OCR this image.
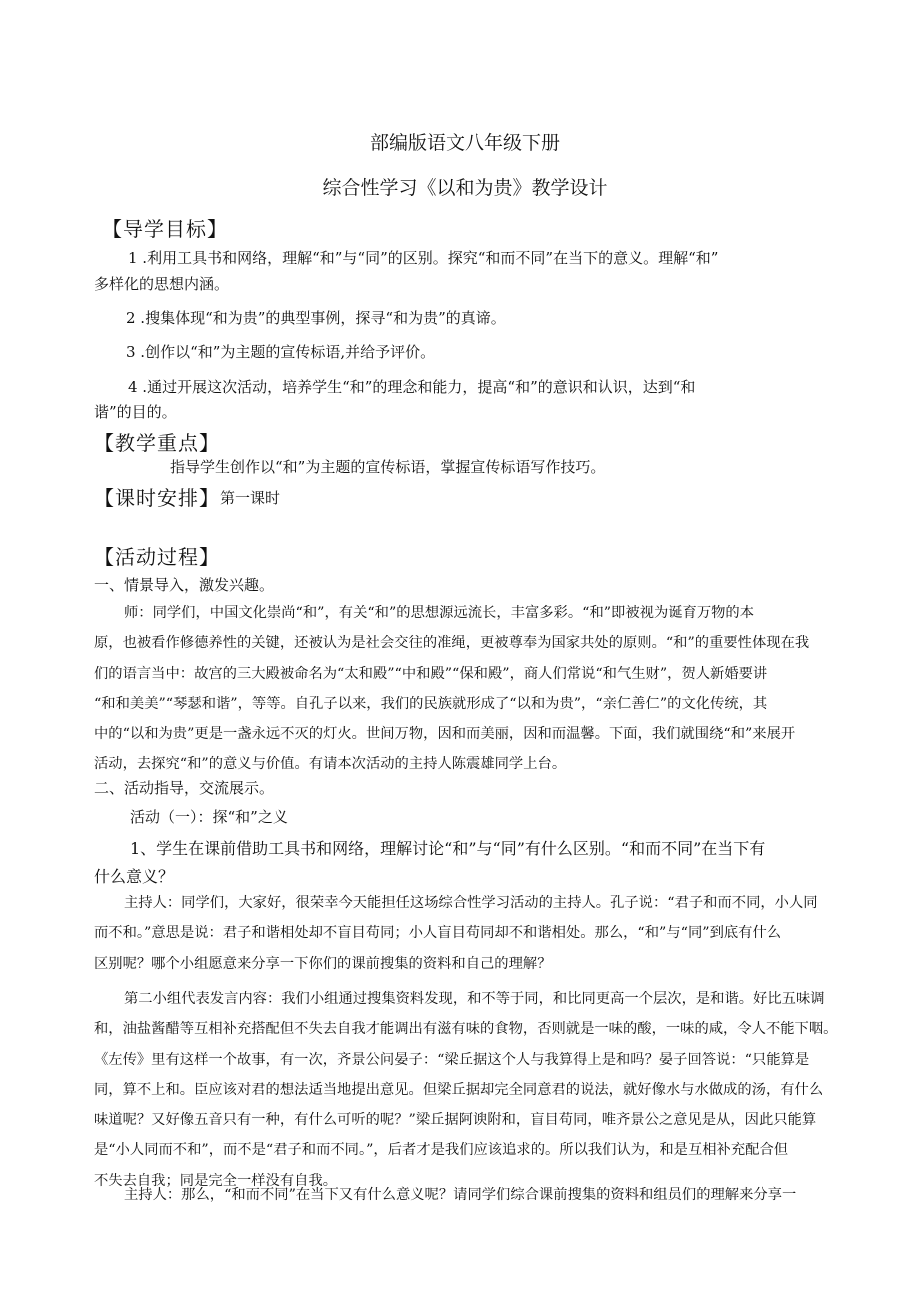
部编版语文八年级下册
综合性学习《以和为贵》教学设计
【导学目标】
1 .利用工具书和网络，理解“和”与“同”的区别。探究“和而不同”在当下的意义。理解“和”
多样化的思想内涵。
2 .搜集体现“和为贵”的典型事例，探寻“和为贵”的真谛。
3 .创作以“和”为主题的宣传标语,并给予评价。
4 .通过开展这次活动，培养学生“和”的理念和能力，提高“和”的意识和认识，达到“和
谐”的目的。
【教学重点】
指导学生创作以“和”为主题的宣传标语，掌握宣传标语写作技巧。
【课时安排】 第一课时
【活动过程】
一、情景导入，激发兴趣。
师：同学们，中国文化崇尚“和”，有关“和”的思想源远流长，丰富多彩。“和”即被视为诞育万物的本
原，也被看作修德养性的关键，还被认为是社会交往的准绳，更被尊奉为国家共处的原则。“和”的重要性体现在我
们的语言当中：故宫的三大殿被命名为“太和殿”“中和殿”“保和殿”，商人们常说“和气生财”，贺人新婚要讲
“和和美美”“琴瑟和谐”，等等。自孔子以来，我们的民族就形成了“以和为贵”，“亲仁善仁”的文化传统，其
中的“以和为贵”更是一盏永远不灭的灯火。世间万物，因和而美丽，因和而温馨。下面，我们就围绕“和”来展开
活动，去探究“和”的意义与价值。有请本次活动的主持人陈震雄同学上台。
二、活动指导，交流展示。
活动（一）：探“和”之义
1、学生在课前借助工具书和网络，理解讨论“和”与“同”有什么区别。“和而不同”在当下有
什么意义？
主持人：同学们，大家好，很荣幸今天能担任这场综合性学习活动的主持人。孔子说：“君子和而不同，小人同
而不和。”意思是说：君子和谐相处却不盲目苟同；小人盲目苟同却不和谐相处。那么，“和”与“同”到底有什么
区别呢？哪个小组愿意来分享一下你们的课前搜集的资料和自己的理解？
第二小组代表发言内容：我们小组通过搜集资料发现，和不等于同，和比同更高一个层次，是和谐。好比五味调
和，油盐酱醋等互相补充搭配但不失去自我才能调出有滋有味的食物，否则就是一味的酸，一味的咸，令人不能下咽。
《左传》里有这样一个故事，有一次，齐景公问晏子：“梁丘据这个人与我算得上是和吗？晏子回答说：“只能算是
同，算不上和。臣应该对君的想法适当地提出意见。但梁丘据却完全同意君的说法，就好像水与水做成的汤，有什么
味道呢？又好像五音只有一种，有什么可听的呢？”梁丘据阿谀附和，盲目苟同，唯齐景公之意见是从，因此只能算
是“小人同而不和”，而不是“君子和而不同。”，后者才是我们应该追求的。所以我们认为，和是互相补充配合但
不失去自我；同是完全一样没有自我。
主持人：那么，“和而不同”在当下又有什么意义呢？请同学们综合课前搜集的资料和组员们的理解来分享一
